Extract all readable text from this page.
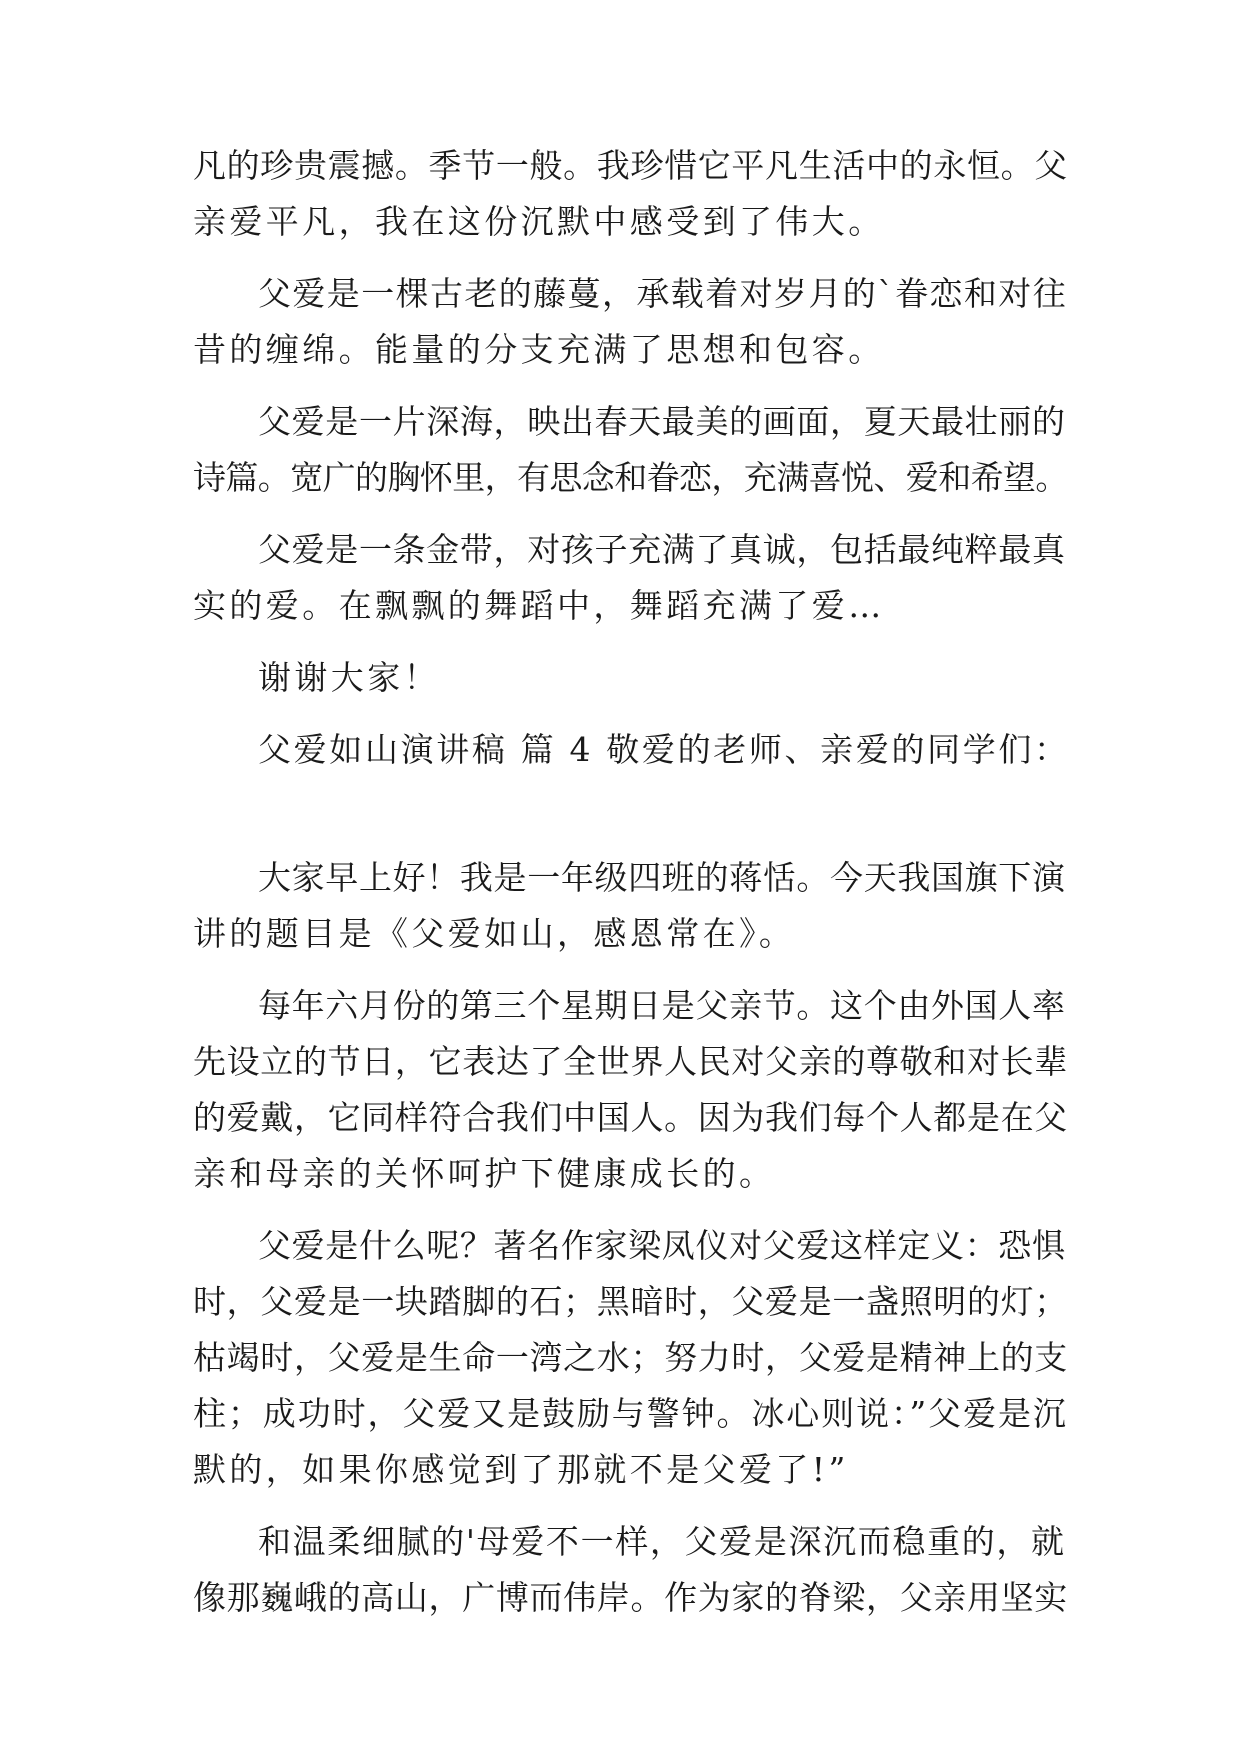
凡的珍贵震撼。季节一般。我珍惜它平凡生活中的永恒。父
亲爱平凡，我在这份沉默中感受到了伟大。
父爱是一棵古老的藤蔓，承载着对岁月的`眷恋和对往
昔的缠绵。能量的分支充满了思想和包容。
父爱是一片深海，映出春天最美的画面，夏天最壮丽的
诗篇。宽广的胸怀里，有思念和眷恋，充满喜悦、爱和希望。
父爱是一条金带，对孩子充满了真诚，包括最纯粹最真
实的爱。在飘飘的舞蹈中，舞蹈充满了爱…
谢谢大家！
父爱如山演讲稿 篇 4 敬爱的老师、亲爱的同学们：
大家早上好！我是一年级四班的蒋恬。今天我国旗下演
讲的题目是《父爱如山，感恩常在》。
每年六月份的第三个星期日是父亲节。这个由外国人率
先设立的节日，它表达了全世界人民对父亲的尊敬和对长辈
的爱戴，它同样符合我们中国人。因为我们每个人都是在父
亲和母亲的关怀呵护下健康成长的。
父爱是什么呢？著名作家梁凤仪对父爱这样定义：恐惧
时，父爱是一块踏脚的石；黑暗时，父爱是一盏照明的灯；
枯竭时，父爱是生命一湾之水；努力时，父爱是精神上的支
柱；成功时，父爱又是鼓励与警钟。冰心则说：”父爱是沉
默的，如果你感觉到了那就不是父爱了!”
和温柔细腻的'母爱不一样，父爱是深沉而稳重的，就
像那巍峨的高山，广博而伟岸。作为家的脊梁，父亲用坚实
